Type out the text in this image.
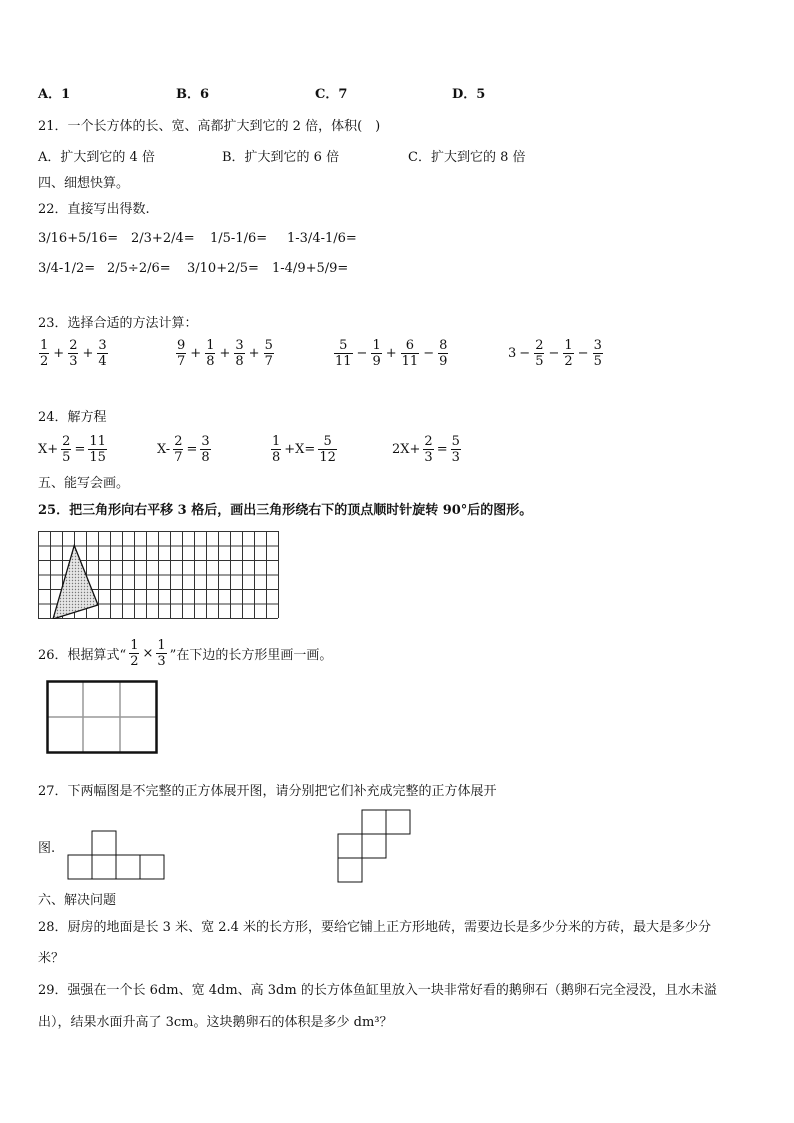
A．1	B．6	C．7	D．5
21．一个长方体的长、宽、高都扩大到它的 2 倍，体积(　)
A．扩大到它的 4 倍	B．扩大到它的 6 倍	C．扩大到它的 8 倍
四、细想快算。
22．直接写出得数.
3/16+5/16= 2/3+2/4= 1/5-1/6= 1-3/4-1/6=
3/4-1/2= 2/5÷2/6= 3/10+2/5= 1-4/9+5/9=
23．选择合适的方法计算：
$\frac{1}{2} + \frac{2}{3} + \frac{3}{4}$	$\frac{9}{7} + \frac{1}{8} + \frac{3}{8} + \frac{5}{7}$	$\frac{5}{11} - \frac{1}{9} + \frac{6}{11} - \frac{8}{9}$	$3 - \frac{2}{5} - \frac{1}{2} - \frac{3}{5}$
24．解方程
$X+ \frac{2}{5} = \frac{11}{15}$	$X- \frac{2}{7} = \frac{3}{8}$	$\frac{1}{8} +X= \frac{5}{12}$	$2X+ \frac{2}{3} = \frac{5}{3}$
五、能写会画。
25．把三角形向右平移 3 格后，画出三角形绕右下的顶点顺时针旋转 90°后的图形。
26．根据算式“ $\frac{1}{2} \times \frac{1}{3}$ ”在下边的长方形里画一画。
27．下两幅图是不完整的正方体展开图，请分别把它们补充成完整的正方体展开
图.
六、解决问题
28．厨房的地面是长 3 米、宽 2.4 米的长方形，要给它铺上正方形地砖，需要边长是多少分米的方砖，最大是多少分
米？
29．强强在一个长 6dm、宽 4dm、高 3dm 的长方体鱼缸里放入一块非常好看的鹅卵石（鹅卵石完全浸没，且水未溢
出），结果水面升高了 3cm。这块鹅卵石的体积是多少 dm³？
